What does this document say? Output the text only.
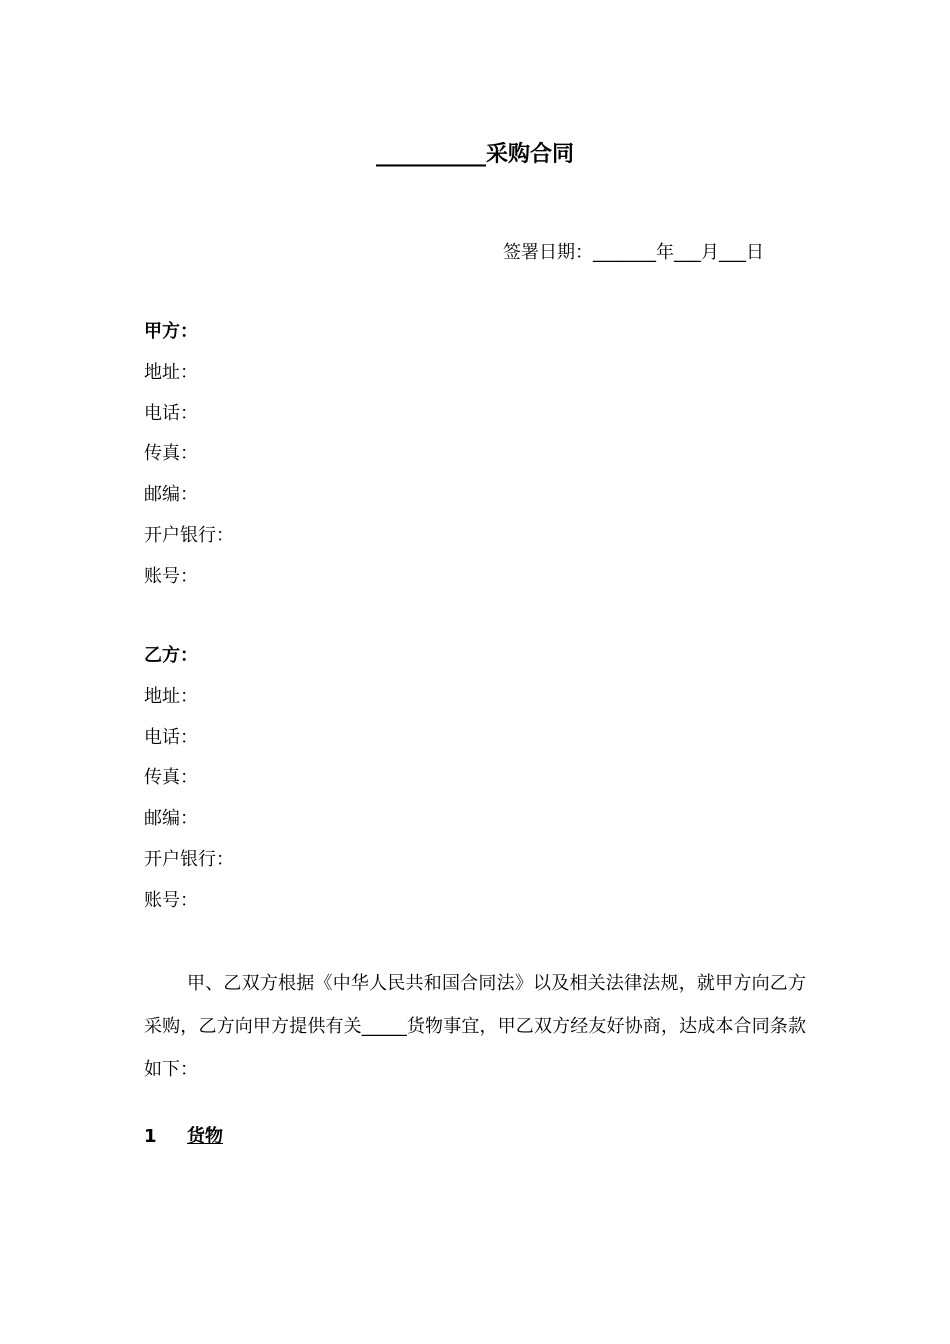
__________采购合同
签署日期：_______年___月___日
甲方：
地址：
电话：
传真：
邮编：
开户银行：
账号：
乙方：
地址：
电话：
传真：
邮编：
开户银行：
账号：
甲、乙双方根据《中华人民共和国合同法》以及相关法律法规，就甲方向乙方采购，乙方向甲方提供有关_____货物事宜，甲乙双方经友好协商，达成本合同条款如下：
1 货物
